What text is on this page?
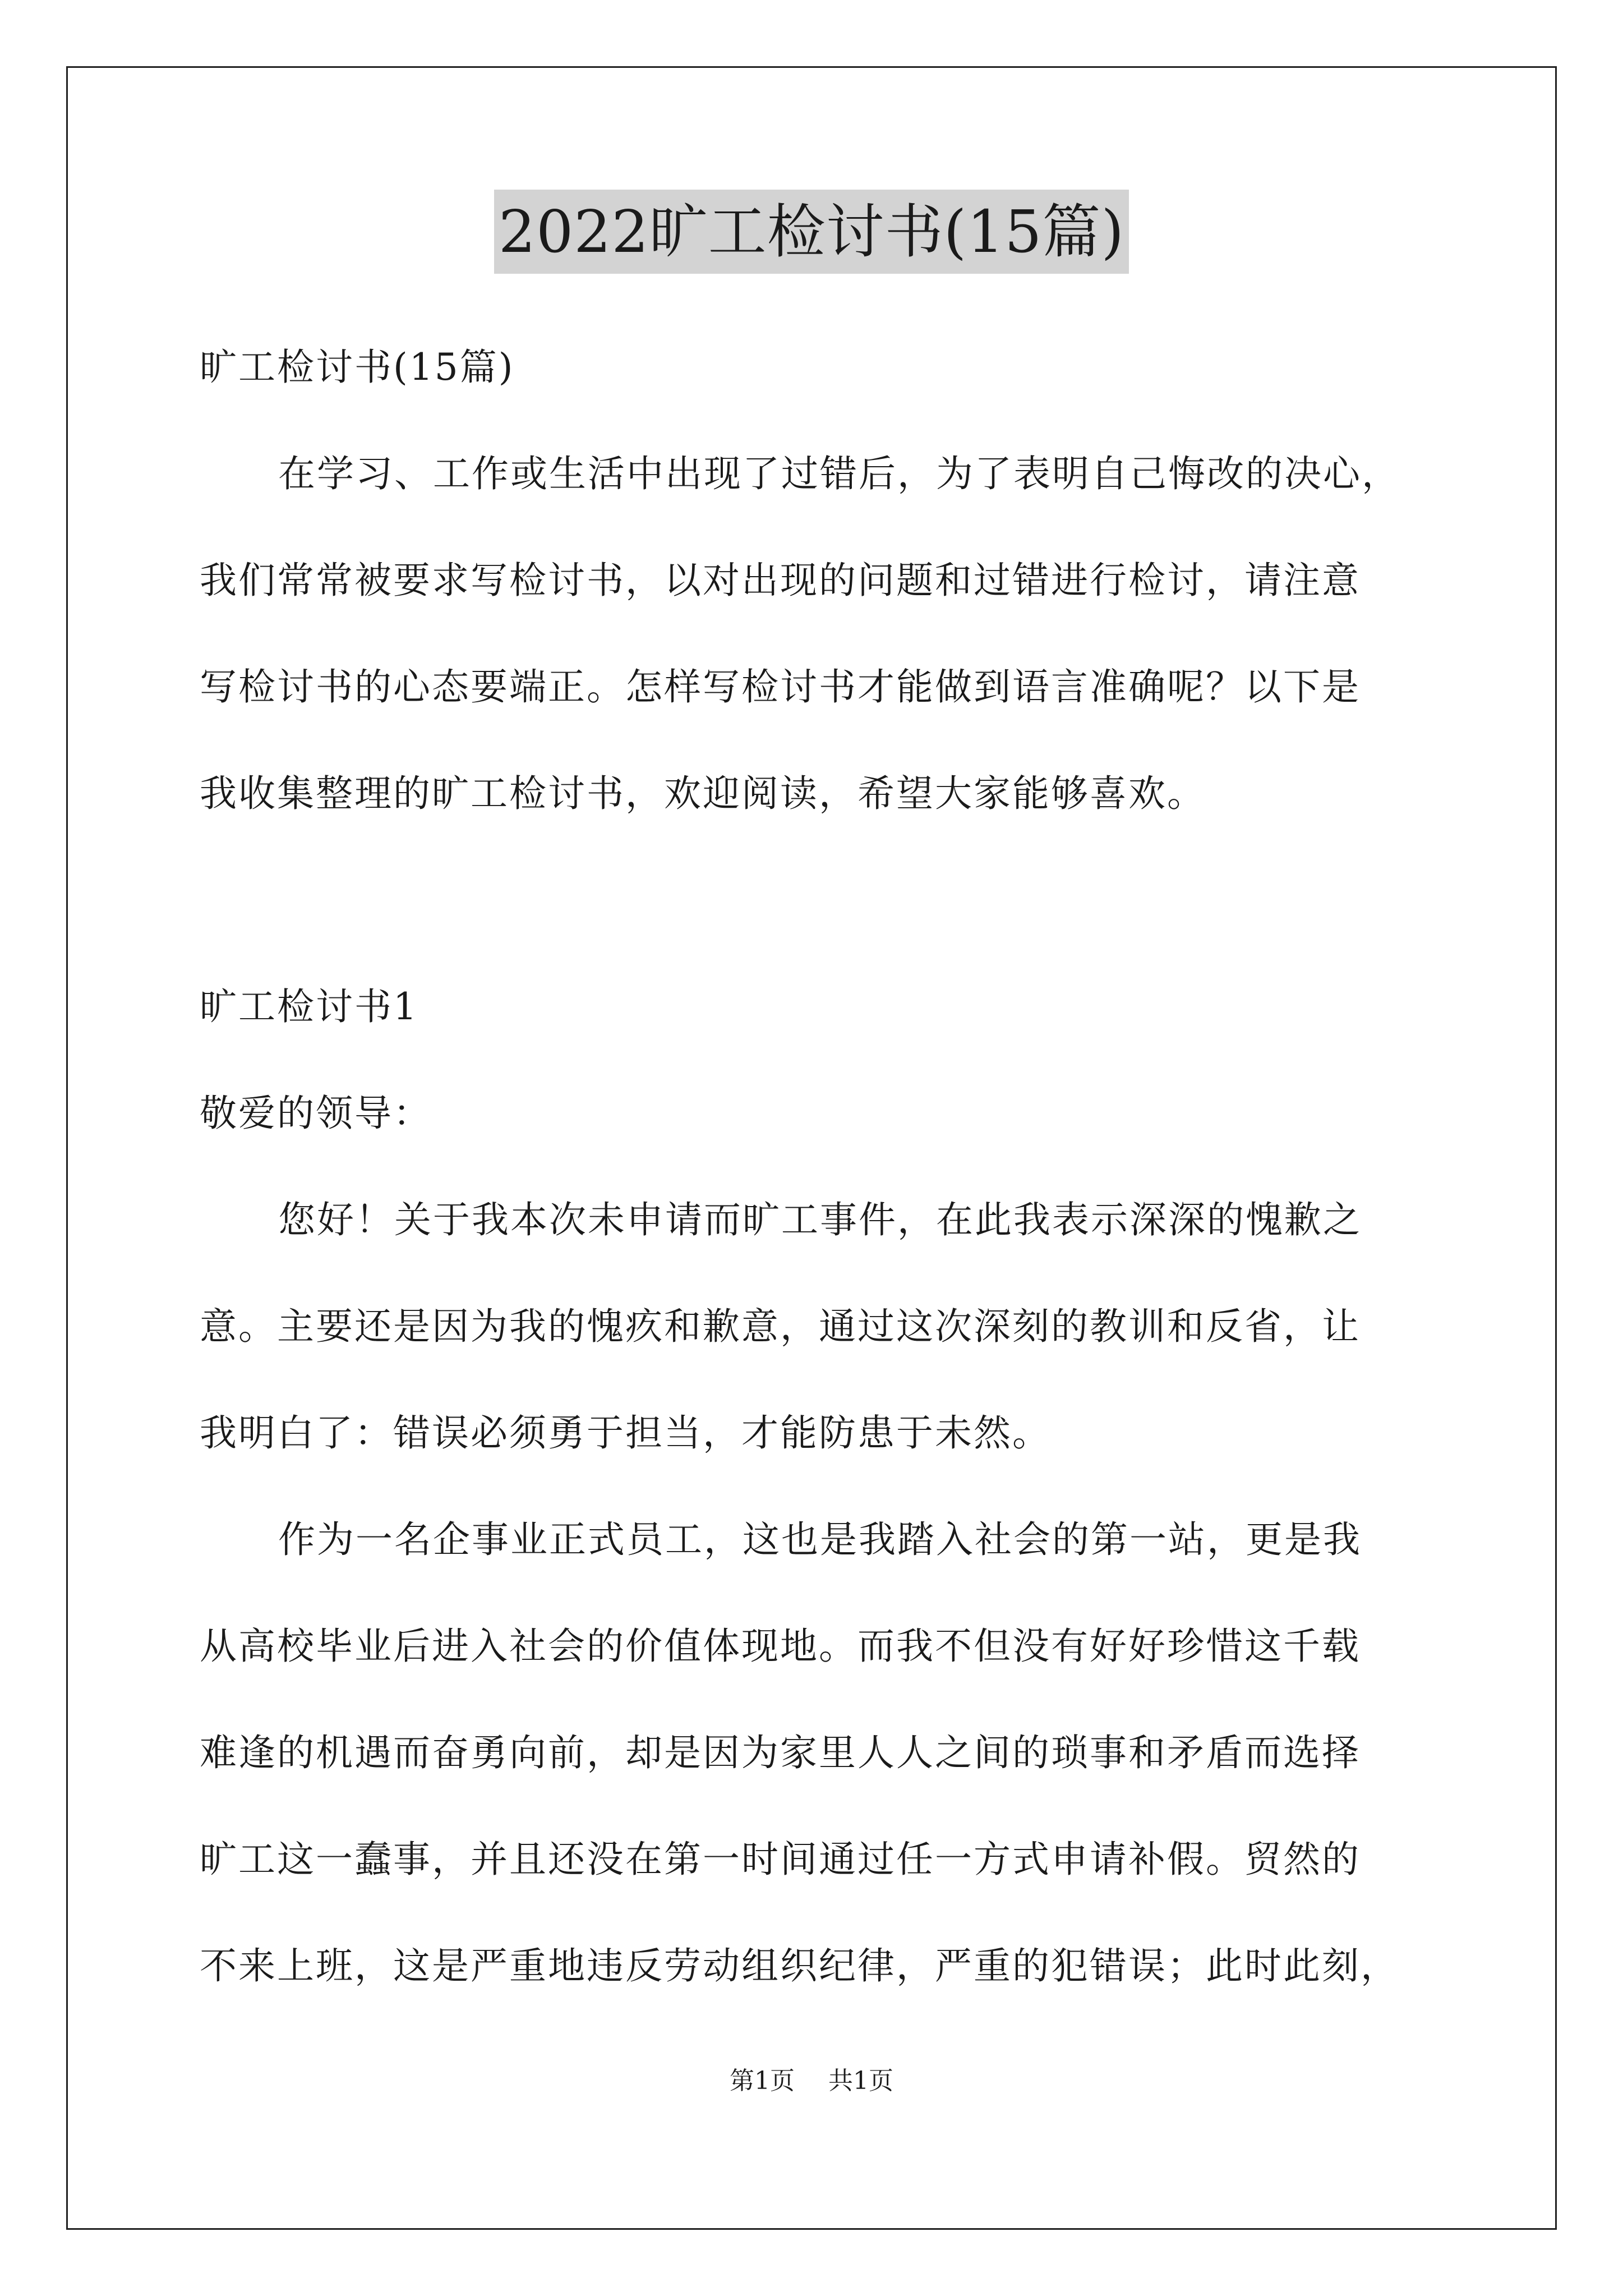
2022旷工检讨书(15篇)
旷工检讨书(15篇)
在学习、工作或生活中出现了过错后，为了表明自己悔改的决心，
我们常常被要求写检讨书，以对出现的问题和过错进行检讨，请注意
写检讨书的心态要端正。怎样写检讨书才能做到语言准确呢？以下是
我收集整理的旷工检讨书，欢迎阅读，希望大家能够喜欢。
旷工检讨书1
敬爱的领导：
您好！关于我本次未申请而旷工事件，在此我表示深深的愧歉之
意。主要还是因为我的愧疚和歉意，通过这次深刻的教训和反省，让
我明白了：错误必须勇于担当，才能防患于未然。
作为一名企事业正式员工，这也是我踏入社会的第一站，更是我
从高校毕业后进入社会的价值体现地。而我不但没有好好珍惜这千载
难逢的机遇而奋勇向前，却是因为家里人人之间的琐事和矛盾而选择
旷工这一蠢事，并且还没在第一时间通过任一方式申请补假。贸然的
不来上班，这是严重地违反劳动组织纪律，严重的犯错误；此时此刻，
第1页 共1页
